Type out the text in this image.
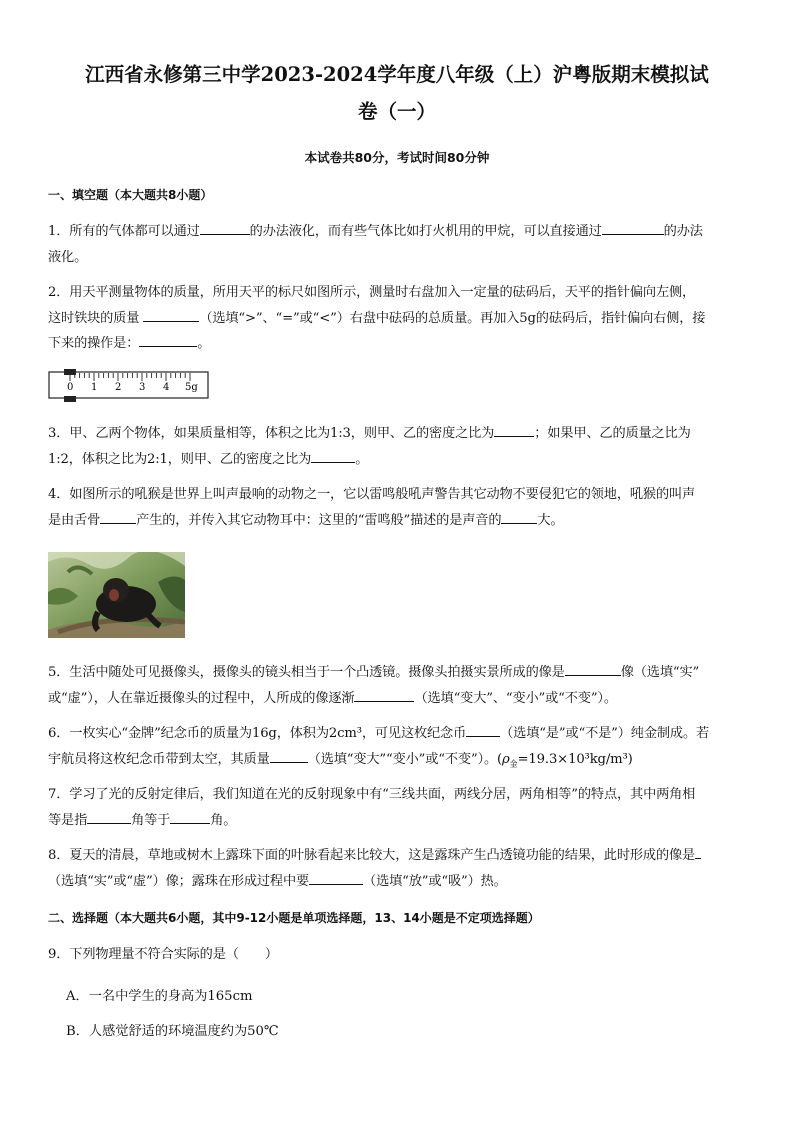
江西省永修第三中学2023-2024学年度八年级（上）沪粤版期末模拟试
卷（一）
本试卷共80分，考试时间80分钟
一、填空题（本大题共8小题）
1．所有的气体都可以通过	的办法液化，而有些气体比如打火机用的甲烷，可以直接通过	的办法
液化。
2．用天平测量物体的质量，所用天平的标尺如图所示，测量时右盘加入一定量的砝码后，天平的指针偏向左侧，
这时铁块的质量	（选填“>”、“=”或“<”）右盘中砝码的总质量。再加入5g的砝码后，指针偏向右侧，接
下来的操作是：	。
0 1 2 3 4 5g
3．甲、乙两个物体，如果质量相等，体积之比为1:3，则甲、乙的密度之比为	；如果甲、乙的质量之比为
1:2，体积之比为2:1，则甲、乙的密度之比为	。
4．如图所示的吼猴是世界上叫声最响的动物之一，它以雷鸣般吼声警告其它动物不要侵犯它的领地，吼猴的叫声
是由舌骨	产生的，并传入其它动物耳中：这里的“雷鸣般”描述的是声音的	大。
5．生活中随处可见摄像头，摄像头的镜头相当于一个凸透镜。摄像头拍摄实景所成的像是	像（选填“实”
或“虚”），人在靠近摄像头的过程中，人所成的像逐渐	（选填“变大”、“变小”或“不变”）。
6．一枚实心“金牌”纪念币的质量为16g，体积为2cm³，可见这枚纪念币	（选填“是”或“不是”）纯金制成。若
宇航员将这枚纪念币带到太空，其质量	（选填“变大”“变小”或“不变”）。$(\rho_金=19.3\times 10^3kg/m^3)$
7．学习了光的反射定律后，我们知道在光的反射现象中有“三线共面，两线分居，两角相等”的特点，其中两角相
等是指	角等于	角。
8．夏天的清晨，草地或树木上露珠下面的叶脉看起来比较大，这是露珠产生凸透镜功能的结果，此时形成的像是
（选填“实”或“虚”）像；露珠在形成过程中要	（选填“放”或“吸”）热。
二、选择题（本大题共6小题，其中9-12小题是单项选择题，13、14小题是不定项选择题）
9．下列物理量不符合实际的是（　　）
A．一名中学生的身高为165cm
B．人感觉舒适的环境温度约为50℃
